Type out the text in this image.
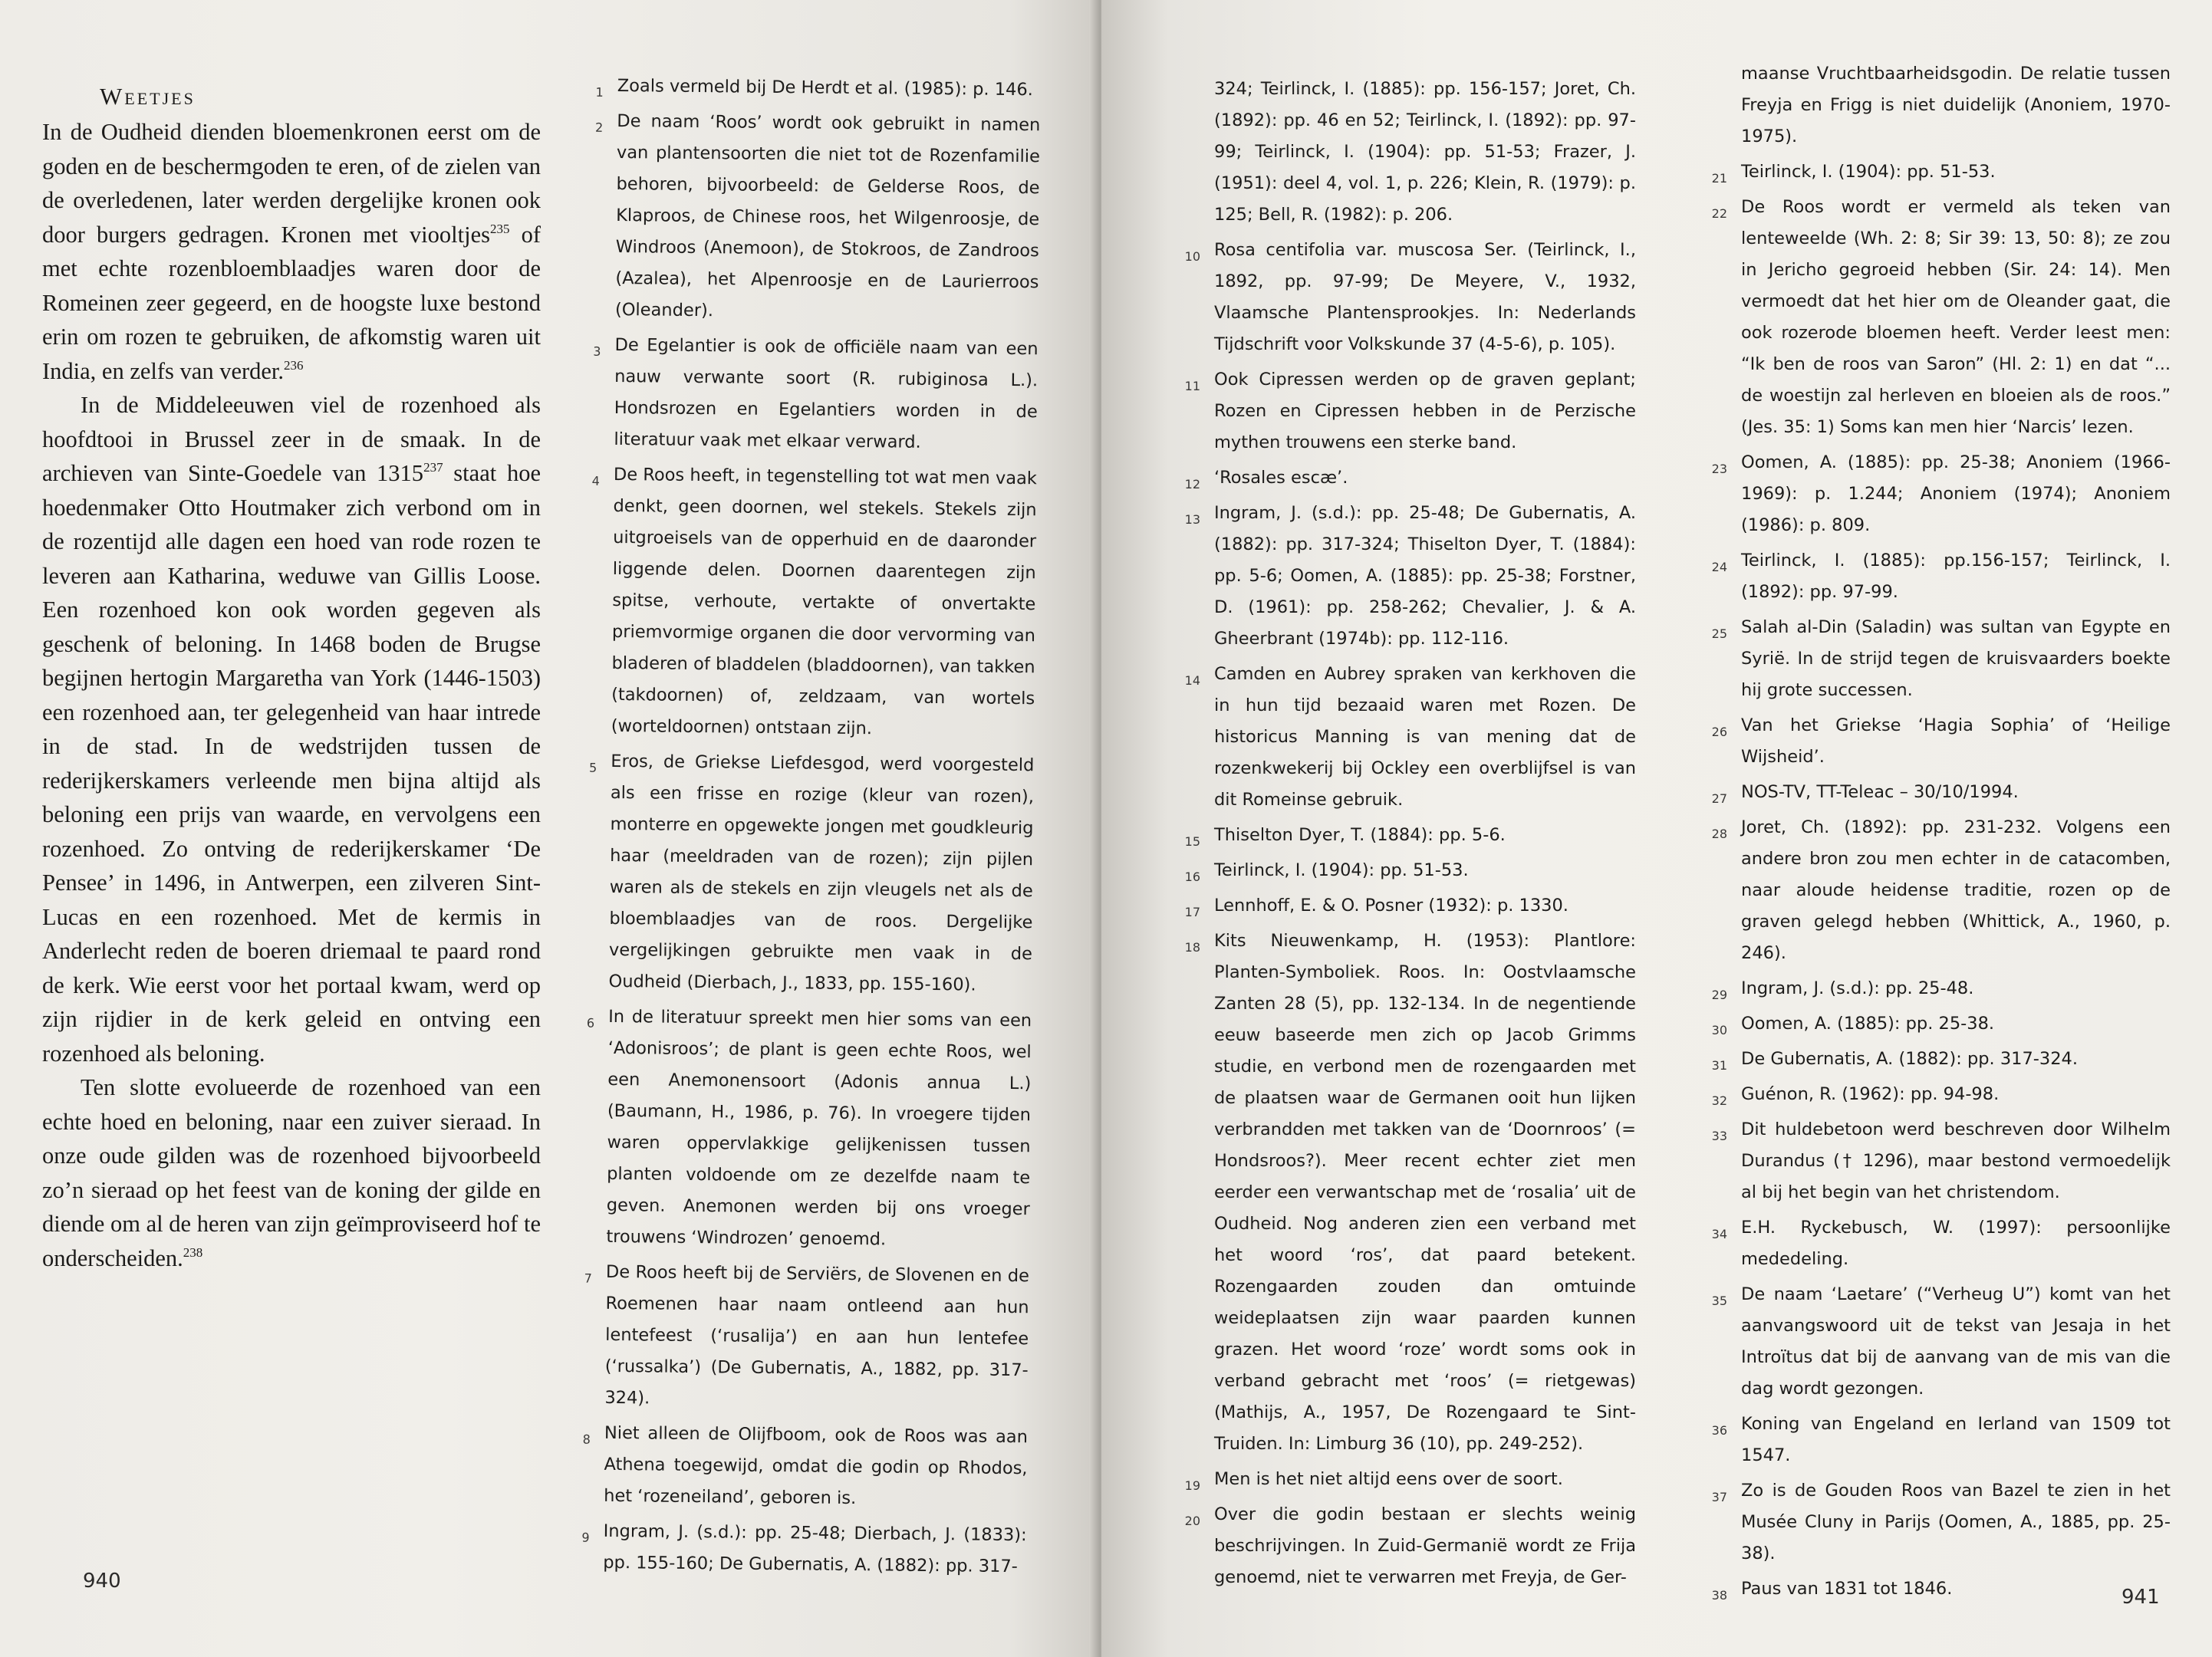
Weetjes

In de Oudheid dienden bloemenkronen eerst om de goden en de beschermgoden te eren, of de zielen van de overledenen, later werden dergelijke kronen ook door burgers gedragen. Kronen met viooltjes$^{235}$ of met echte rozenbloemblaadjes waren door de Romeinen zeer gegeerd, en de hoogste luxe bestond erin om rozen te gebruiken, de afkomstig waren uit India, en zelfs van verder.$^{236}$

In de Middeleeuwen viel de rozenhoed als hoofdtooi in Brussel zeer in de smaak. In de archieven van Sinte-Goedele van 1315$^{237}$ staat hoe hoedenmaker Otto Houtmaker zich verbond om in de rozentijd alle dagen een hoed van rode rozen te leveren aan Katharina, weduwe van Gillis Loose. Een rozenhoed kon ook worden gegeven als geschenk of beloning. In 1468 boden de Brugse begijnen hertogin Margaretha van York (1446-1503) een rozenhoed aan, ter gelegenheid van haar intrede in de stad. In de wedstrijden tussen de rederijkerskamers verleende men bijna altijd als beloning een prijs van waarde, en vervolgens een rozenhoed. Zo ontving de rederijkerskamer ‘De Pensee’ in 1496, in Antwerpen, een zilveren Sint-Lucas en een rozenhoed. Met de kermis in Anderlecht reden de boeren driemaal te paard rond de kerk. Wie eerst voor het portaal kwam, werd op zijn rijdier in de kerk geleid en ontving een rozenhoed als beloning.

Ten slotte evolueerde de rozenhoed van een echte hoed en beloning, naar een zuiver sieraad. In onze oude gilden was de rozenhoed bijvoorbeeld zo’n sieraad op het feest van de koning der gilde en diende om al de heren van zijn geïmproviseerd hof te onderscheiden.$^{238}$

1 Zoals vermeld bij De Herdt et al. (1985): p. 146.
2 De naam ‘Roos’ wordt ook gebruikt in namen van plantensoorten die niet tot de Rozenfamilie behoren, bijvoorbeeld: de Gelderse Roos, de Klaproos, de Chinese roos, het Wilgenroosje, de Windroos (Anemoon), de Stokroos, de Zandroos (Azalea), het Alpenroosje en de Laurierroos (Oleander).
3 De Egelantier is ook de officiële naam van een nauw verwante soort (R. rubiginosa L.). Hondsrozen en Egelantiers worden in de literatuur vaak met elkaar verward.
4 De Roos heeft, in tegenstelling tot wat men vaak denkt, geen doornen, wel stekels. Stekels zijn uitgroeisels van de opperhuid en de daaronder liggende delen. Doornen daarentegen zijn spitse, verhoute, vertakte of onvertakte priemvormige organen die door vervorming van bladeren of bladdelen (bladdoornen), van takken (takdoornen) of, zeldzaam, van wortels (worteldoornen) ontstaan zijn.
5 Eros, de Griekse Liefdesgod, werd voorgesteld als een frisse en rozige (kleur van rozen), monterre en opgewekte jongen met goudkleurig haar (meeldraden van de rozen); zijn pijlen waren als de stekels en zijn vleugels net als de bloemblaadjes van de roos. Dergelijke vergelijkingen gebruikte men vaak in de Oudheid (Dierbach, J., 1833, pp. 155-160).
6 In de literatuur spreekt men hier soms van een ‘Adonisroos’; de plant is geen echte Roos, wel een Anemonensoort (Adonis annua L.) (Baumann, H., 1986, p. 76). In vroegere tijden waren oppervlakkige gelijkenissen tussen planten voldoende om ze dezelfde naam te geven. Anemonen werden bij ons vroeger trouwens ‘Windrozen’ genoemd.
7 De Roos heeft bij de Serviërs, de Slovenen en de Roemenen haar naam ontleend aan hun lentefeest (‘rusalija’) en aan hun lentefee (‘russalka’) (De Gubernatis, A., 1882, pp. 317-324).
8 Niet alleen de Olijfboom, ook de Roos was aan Athena toegewijd, omdat die godin op Rhodos, het ‘rozeneiland’, geboren is.
9 Ingram, J. (s.d.): pp. 25-48; Dierbach, J. (1833): pp. 155-160; De Gubernatis, A. (1882): pp. 317-
940
324; Teirlinck, I. (1885): pp. 156-157; Joret, Ch. (1892): pp. 46 en 52; Teirlinck, I. (1892): pp. 97-99; Teirlinck, I. (1904): pp. 51-53; Frazer, J. (1951): deel 4, vol. 1, p. 226; Klein, R. (1979): p. 125; Bell, R. (1982): p. 206.
10 Rosa centifolia var. muscosa Ser. (Teirlinck, I., 1892, pp. 97-99; De Meyere, V., 1932, Vlaamsche Plantensprookjes. In: Nederlands Tijdschrift voor Volkskunde 37 (4-5-6), p. 105).
11 Ook Cipressen werden op de graven geplant; Rozen en Cipressen hebben in de Perzische mythen trouwens een sterke band.
12 ‘Rosales escæ’.
13 Ingram, J. (s.d.): pp. 25-48; De Gubernatis, A. (1882): pp. 317-324; Thiselton Dyer, T. (1884): pp. 5-6; Oomen, A. (1885): pp. 25-38; Forstner, D. (1961): pp. 258-262; Chevalier, J. & A. Gheerbrant (1974b): pp. 112-116.
14 Camden en Aubrey spraken van kerkhoven die in hun tijd bezaaid waren met Rozen. De historicus Manning is van mening dat de rozenkwekerij bij Ockley een overblijfsel is van dit Romeinse gebruik.
15 Thiselton Dyer, T. (1884): pp. 5-6.
16 Teirlinck, I. (1904): pp. 51-53.
17 Lennhoff, E. & O. Posner (1932): p. 1330.
18 Kits Nieuwenkamp, H. (1953): Plantlore: Planten-Symboliek. Roos. In: Oostvlaamsche Zanten 28 (5), pp. 132-134. In de negentiende eeuw baseerde men zich op Jacob Grimms studie, en verbond men de rozengaarden met de plaatsen waar de Germanen ooit hun lijken verbrandden met takken van de ‘Doornroos’ (= Hondsroos?). Meer recent echter ziet men eerder een verwantschap met de ‘rosalia’ uit de Oudheid. Nog anderen zien een verband met het woord ‘ros’, dat paard betekent. Rozengaarden zouden dan omtuinde weideplaatsen zijn waar paarden kunnen grazen. Het woord ‘roze’ wordt soms ook in verband gebracht met ‘roos’ (= rietgewas) (Mathijs, A., 1957, De Rozengaard te Sint-Truiden. In: Limburg 36 (10), pp. 249-252).
19 Men is het niet altijd eens over de soort.
20 Over die godin bestaan er slechts weinig beschrijvingen. In Zuid-Germanië wordt ze Frija genoemd, niet te verwarren met Freyja, de Ger-
maanse Vruchtbaarheidsgodin. De relatie tussen Freyja en Frigg is niet duidelijk (Anoniem, 1970-1975).
21 Teirlinck, I. (1904): pp. 51-53.
22 De Roos wordt er vermeld als teken van lenteweelde (Wh. 2: 8; Sir 39: 13, 50: 8); ze zou in Jericho gegroeid hebben (Sir. 24: 14). Men vermoedt dat het hier om de Oleander gaat, die ook rozerode bloemen heeft. Verder leest men: “Ik ben de roos van Saron” (Hl. 2: 1) en dat “... de woestijn zal herleven en bloeien als de roos.” (Jes. 35: 1) Soms kan men hier ‘Narcis’ lezen.
23 Oomen, A. (1885): pp. 25-38; Anoniem (1966-1969): p. 1.244; Anoniem (1974); Anoniem (1986): p. 809.
24 Teirlinck, I. (1885): pp.156-157; Teirlinck, I. (1892): pp. 97-99.
25 Salah al-Din (Saladin) was sultan van Egypte en Syrië. In de strijd tegen de kruisvaarders boekte hij grote successen.
26 Van het Griekse ‘Hagia Sophia’ of ‘Heilige Wijsheid’.
27 NOS-TV, TT-Teleac – 30/10/1994.
28 Joret, Ch. (1892): pp. 231-232. Volgens een andere bron zou men echter in de catacomben, naar aloude heidense traditie, rozen op de graven gelegd hebben (Whittick, A., 1960, p. 246).
29 Ingram, J. (s.d.): pp. 25-48.
30 Oomen, A. (1885): pp. 25-38.
31 De Gubernatis, A. (1882): pp. 317-324.
32 Guénon, R. (1962): pp. 94-98.
33 Dit huldebetoon werd beschreven door Wilhelm Durandus († 1296), maar bestond vermoedelijk al bij het begin van het christendom.
34 E.H. Ryckebusch, W. (1997): persoonlijke mededeling.
35 De naam ‘Laetare’ (“Verheug U”) komt van het aanvangswoord uit de tekst van Jesaja in het Introïtus dat bij de aanvang van de mis van die dag wordt gezongen.
36 Koning van Engeland en Ierland van 1509 tot 1547.
37 Zo is de Gouden Roos van Bazel te zien in het Musée Cluny in Parijs (Oomen, A., 1885, pp. 25-38).
38 Paus van 1831 tot 1846.	941
